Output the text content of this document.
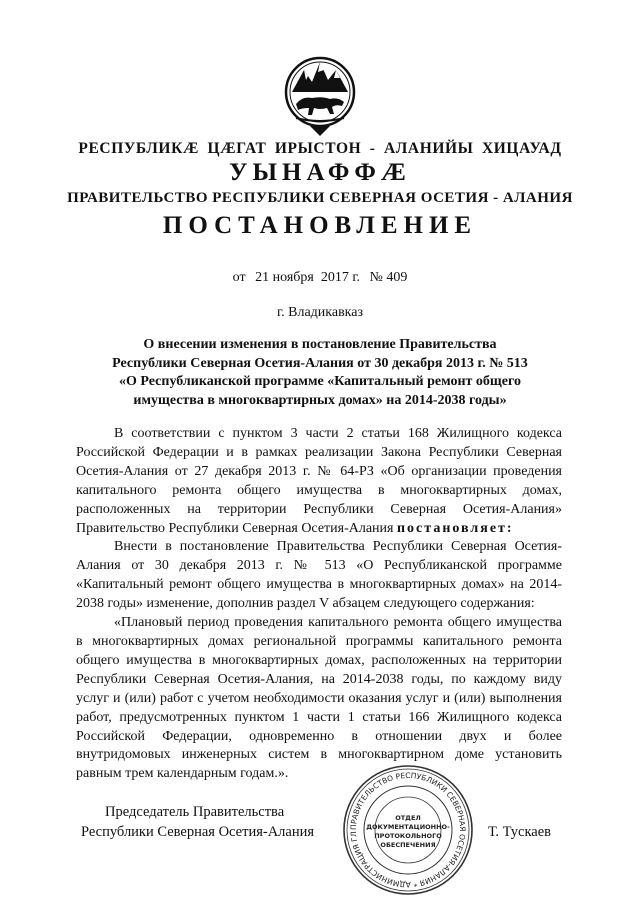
РЕСПУБЛИКӔ ЦӔГАТ ИРЫСТОН - АЛАНИЙЫ ХИЦАУАД
УЫНАФФӔ
ПРАВИТЕЛЬСТВО РЕСПУБЛИКИ СЕВЕРНАЯ ОСЕТИЯ - АЛАНИЯ
ПОСТАНОВЛЕНИЕ
от 21 ноября  2017 г. № 409
г. Владикавказ
О внесении изменения в постановление Правительства
Республики Северная Осетия-Алания от 30 декабря 2013 г. № 513
«О Республиканской программе «Капитальный ремонт общего
имущества в многоквартирных домах» на 2014-2038 годы»

В соответствии с пунктом 3 части 2 статьи 168 Жилищного кодекса Российской Федерации и в рамках реализации Закона Республики Северная Осетия-Алания от 27 декабря 2013 г. № 64-РЗ «Об организации проведения капитального ремонта общего имущества в многоквартирных домах, расположенных на территории Республики Северная Осетия-Алания» Правительство Республики Северная Осетия-Алания постановляет:

Внести в постановление Правительства Республики Северная Осетия-Алания от 30 декабря 2013 г. № 513 «О Республиканской программе «Капитальный ремонт общего имущества в многоквартирных домах» на 2014-2038 годы» изменение, дополнив раздел V абзацем следующего содержания:

«Плановый период проведения капитального ремонта общего имущества в многоквартирных домах региональной программы капитального ремонта общего имущества в многоквартирных домах, расположенных на территории Республики Северная Осетия-Алания, на 2014-2038 годы, по каждому виду услуг и (или) работ с учетом необходимости оказания услуг и (или) выполнения работ, предусмотренных пунктом 1 части 1 статьи 166 Жилищного кодекса Российской Федерации, одновременно в отношении двух и более внутридомовых инженерных систем в многоквартирном доме установить равным трем календарным годам.».

Председатель Правительства
Республики Северная Осетия-Алания	Т. Тускаев
ПРАВИТЕЛЬСТВО РЕСПУБЛИКИ СЕВЕРНАЯ ОСЕТИЯ-АЛАНИЯ * АДМИНИСТРАЦИЯ ГЛ
ОТДЕЛ
ДОКУМЕНТАЦИОННО-
ПРОТОКОЛЬНОГО
ОБЕСПЕЧЕНИЯ
